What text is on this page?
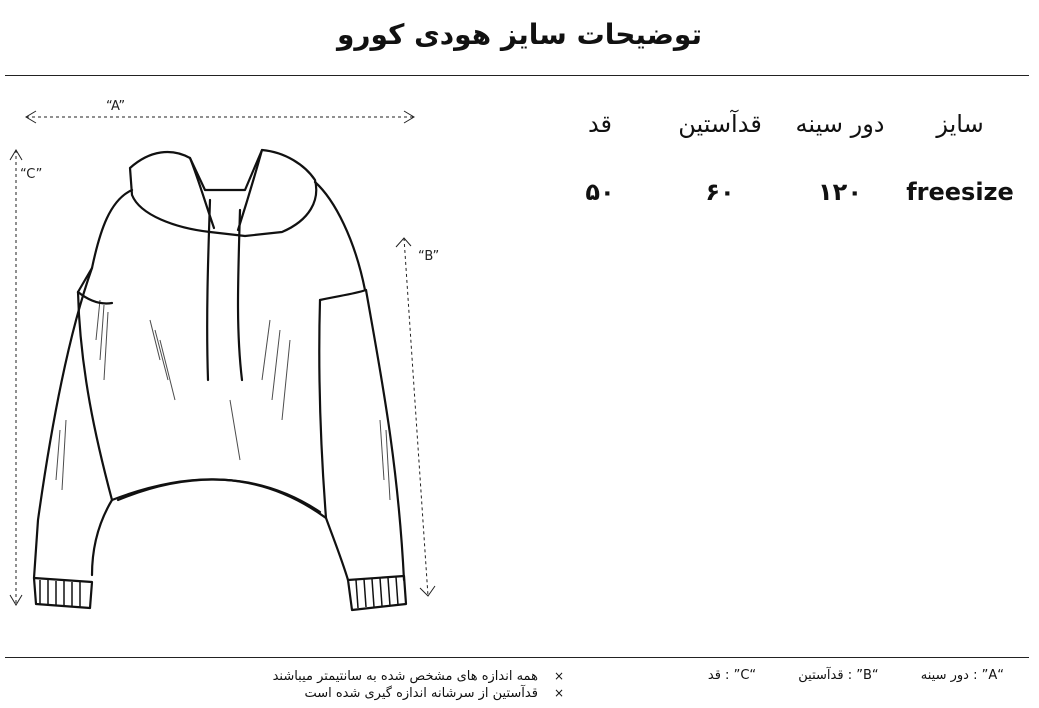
توضیحات سایز هودی کورو
“A”
“C”
“B”
سایز
دور سینه
قدآستین
قد
freesize
۱۲۰
۶۰
۵۰
“A” : دور سینه “B” : قدآستین “C” : قد
×همه اندازه های مشخص شده به سانتیمتر میباشند
×قدآستین از سرشانه اندازه گیری شده است
